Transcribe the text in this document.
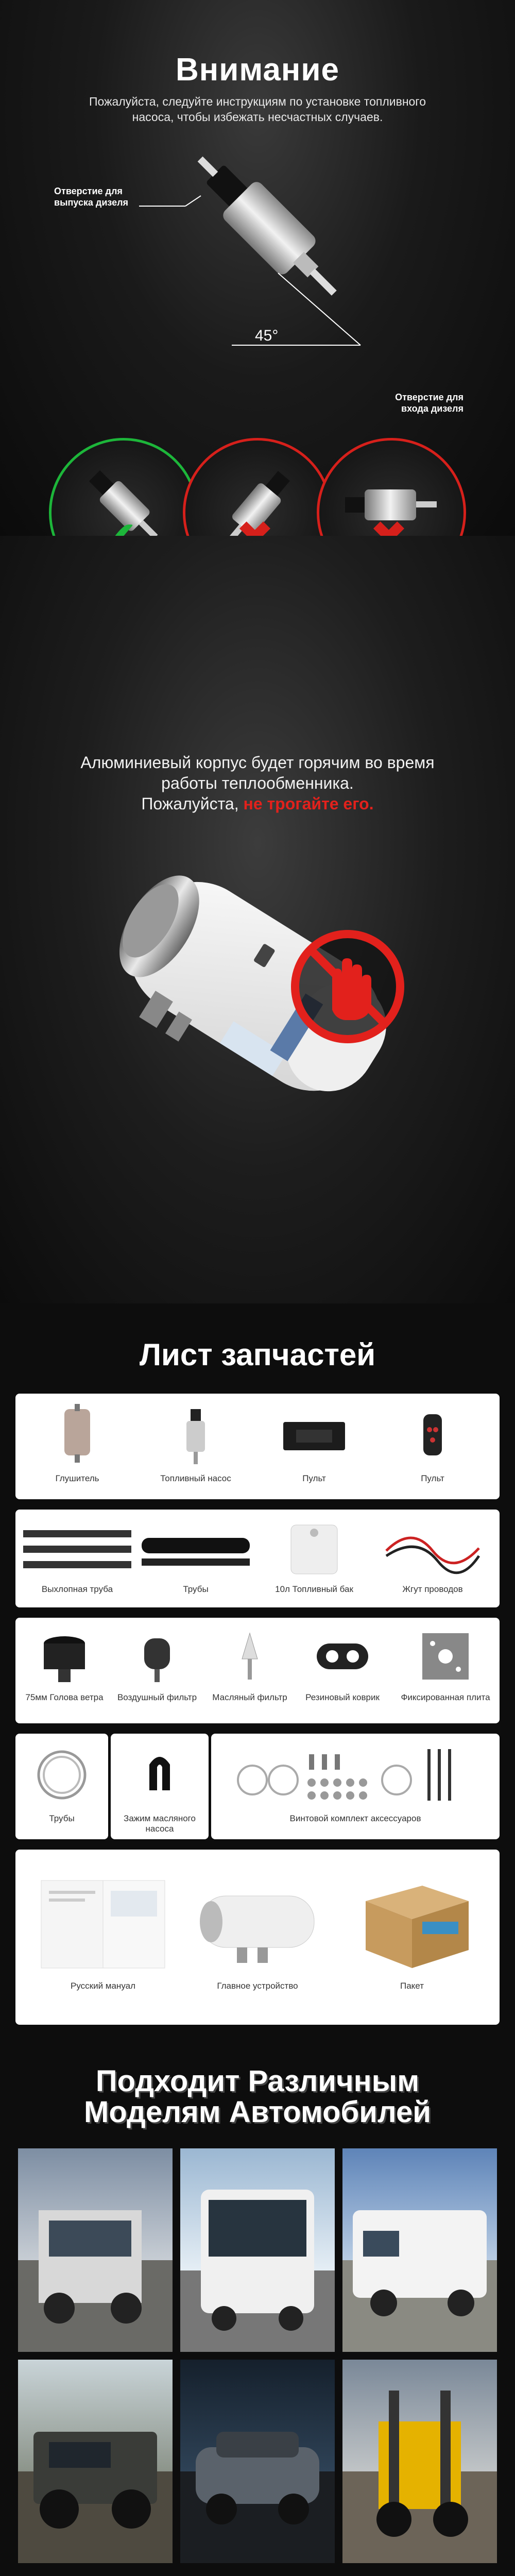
Внимание
Пожалуйста, следуйте инструкциям по установке топливного насоса, чтобы избежать несчастных случаев.
Отверстие для выпуска дизеля
Отверстие для входа дизеля
45°
Алюминиевый корпус будет горячим во время работы теплообменника.
Пожалуйста, не трогайте его.
Лист запчастей
Глушитель	Топливный насос	Пульт	Пульт
Выхлопная труба	Трубы	10л Топливный бак	Жгут проводов
75мм Голова ветра	Воздушный фильтр	Масляный фильтр	Резиновый коврик	Фиксированная плита
Трубы	Зажим масляного насоса
Винтовой комплект аксессуаров
Русский мануал	Главное устройство	Пакет
Подходит Различным
Моделям Автомобилей
